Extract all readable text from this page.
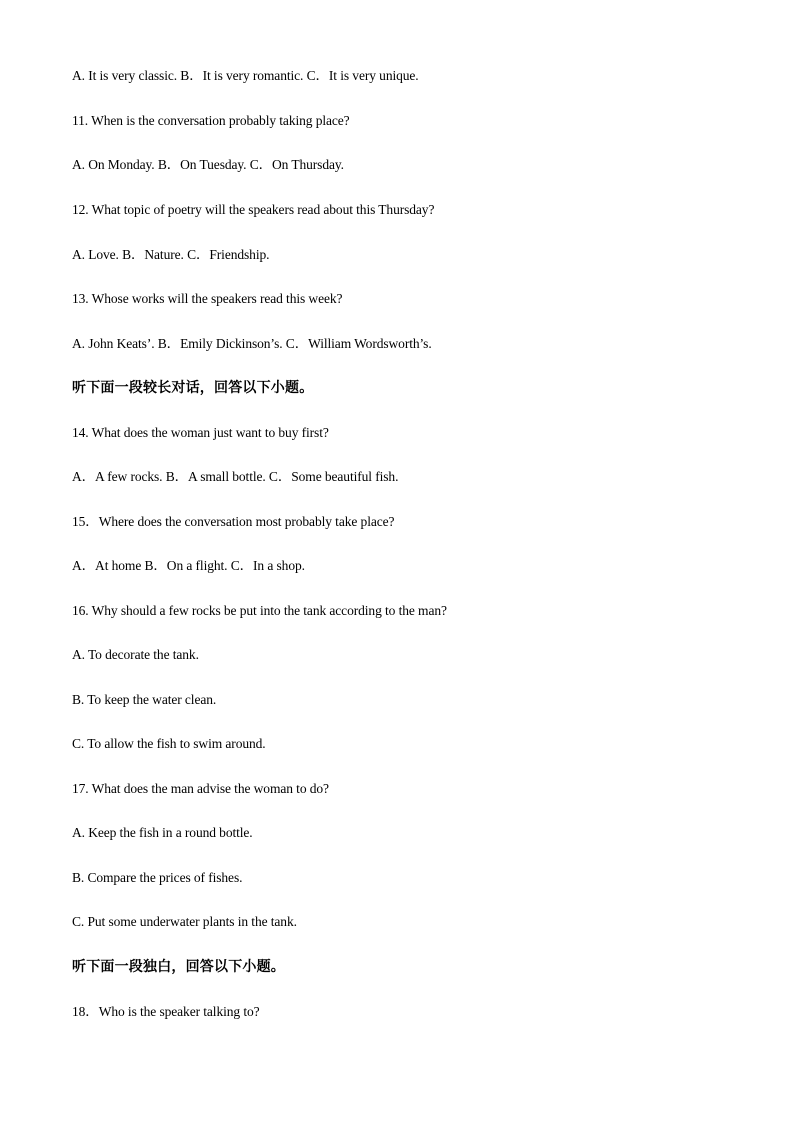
A. It is very classic. B．It is very romantic. C．It is very unique.
11. When is the conversation probably taking place?
A. On Monday. B．On Tuesday. C．On Thursday.
12. What topic of poetry will the speakers read about this Thursday?
A. Love. B．Nature. C．Friendship.
13. Whose works will the speakers read this week?
A. John Keats’. B．Emily Dickinson’s. C．William Wordsworth’s.
听下面一段较长对话，回答以下小题。
14. What does the woman just want to buy first?
A．A few rocks. B．A small bottle. C．Some beautiful fish.
15．Where does the conversation most probably take place?
A．At home B．On a flight. C．In a shop.
16. Why should a few rocks be put into the tank according to the man?
A. To decorate the tank.
B. To keep the water clean.
C. To allow the fish to swim around.
17. What does the man advise the woman to do?
A. Keep the fish in a round bottle.
B. Compare the prices of fishes.
C. Put some underwater plants in the tank.
听下面一段独白，回答以下小题。
18．Who is the speaker talking to?
